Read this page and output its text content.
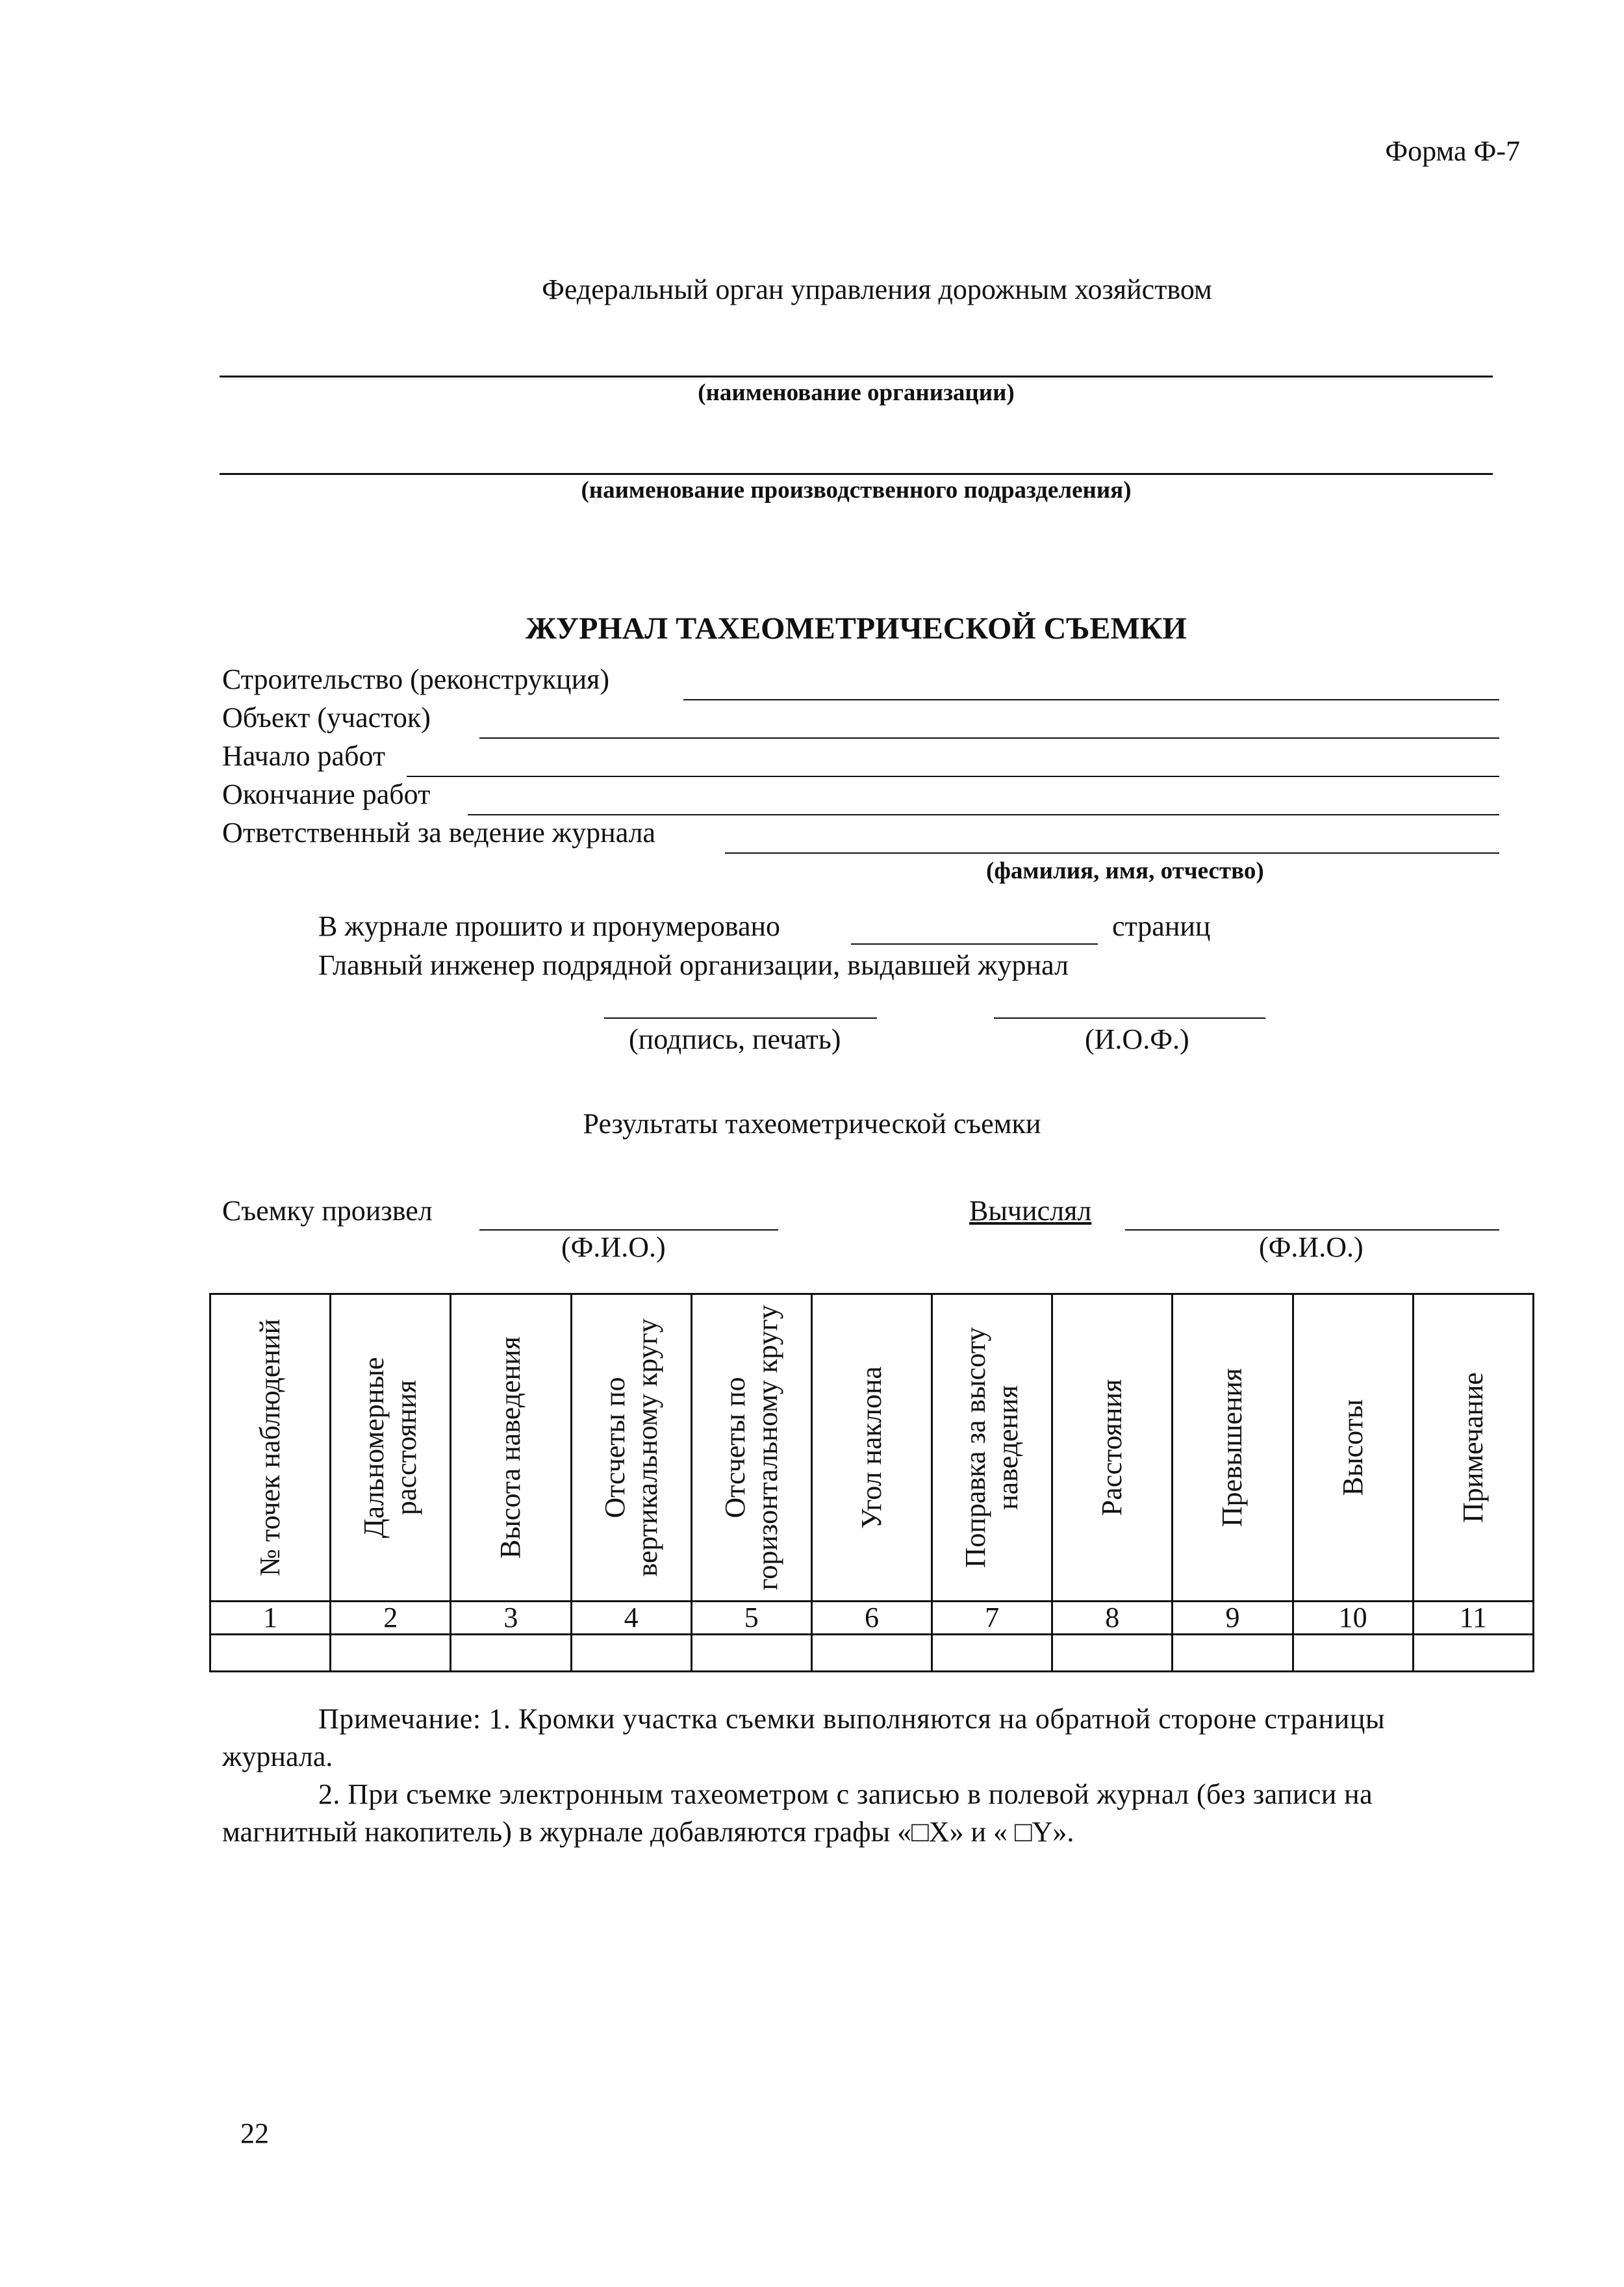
Форма Ф-7
Федеральный орган управления дорожным хозяйством
(наименование организации)
(наименование производственного подразделения)
ЖУРНАЛ ТАХЕОМЕТРИЧЕСКОЙ СЪЕМКИ
Строительство (реконструкция)
Объект (участок)
Начало работ
Окончание работ
Ответственный за ведение журнала
(фамилия, имя, отчество)
В журнале прошито и пронумеровано	страниц
Главный инженер подрядной организации, выдавшей журнал
(подпись, печать)	(И.О.Ф.)
Результаты тахеометрической съемки
Съемку произвел
(Ф.И.О.)
Вычислял
(Ф.И.О.)
№ точек наблюдений	Дальномерные расстояния	Высота наведения	Отсчеты по вертикальному кругу	Отсчеты по горизонтальному кругу	Угол наклона	Поправка за высоту наведения	Расстояния	Превышения	Высоты	Примечание

1	2	3	4	5	6	7	8	9	10	11

Примечание: 1. Кромки участка съемки выполняются на обратной стороне страницы
журнала.
2. При съемке электронным тахеометром с записью в полевой журнал (без записи на
магнитный накопитель) в журнале добавляются графы «□X» и « □Y».
22
